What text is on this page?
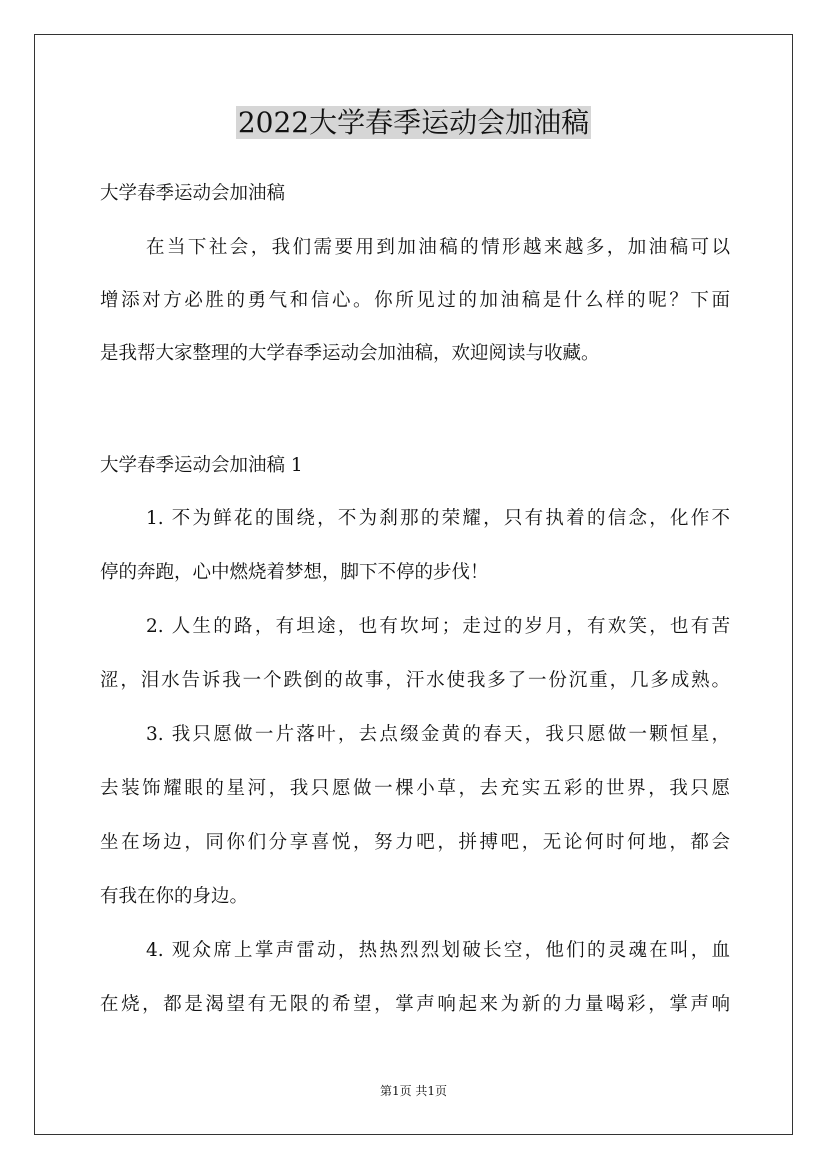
2022大学春季运动会加油稿
大学春季运动会加油稿
在当下社会，我们需要用到加油稿的情形越来越多，加油稿可以
增添对方必胜的勇气和信心。你所见过的加油稿是什么样的呢？下面
是我帮大家整理的大学春季运动会加油稿，欢迎阅读与收藏。
大学春季运动会加油稿 1
1. 不为鲜花的围绕，不为刹那的荣耀，只有执着的信念，化作不
停的奔跑，心中燃烧着梦想，脚下不停的步伐！
2. 人生的路，有坦途，也有坎坷；走过的岁月，有欢笑，也有苦
涩，泪水告诉我一个跌倒的故事，汗水使我多了一份沉重，几多成熟。
3. 我只愿做一片落叶，去点缀金黄的春天，我只愿做一颗恒星，
去装饰耀眼的星河，我只愿做一棵小草，去充实五彩的世界，我只愿
坐在场边，同你们分享喜悦，努力吧，拼搏吧，无论何时何地，都会
有我在你的身边。
4. 观众席上掌声雷动，热热烈烈划破长空，他们的灵魂在叫，血
在烧，都是渴望有无限的希望，掌声响起来为新的力量喝彩，掌声响
第1页 共1页
